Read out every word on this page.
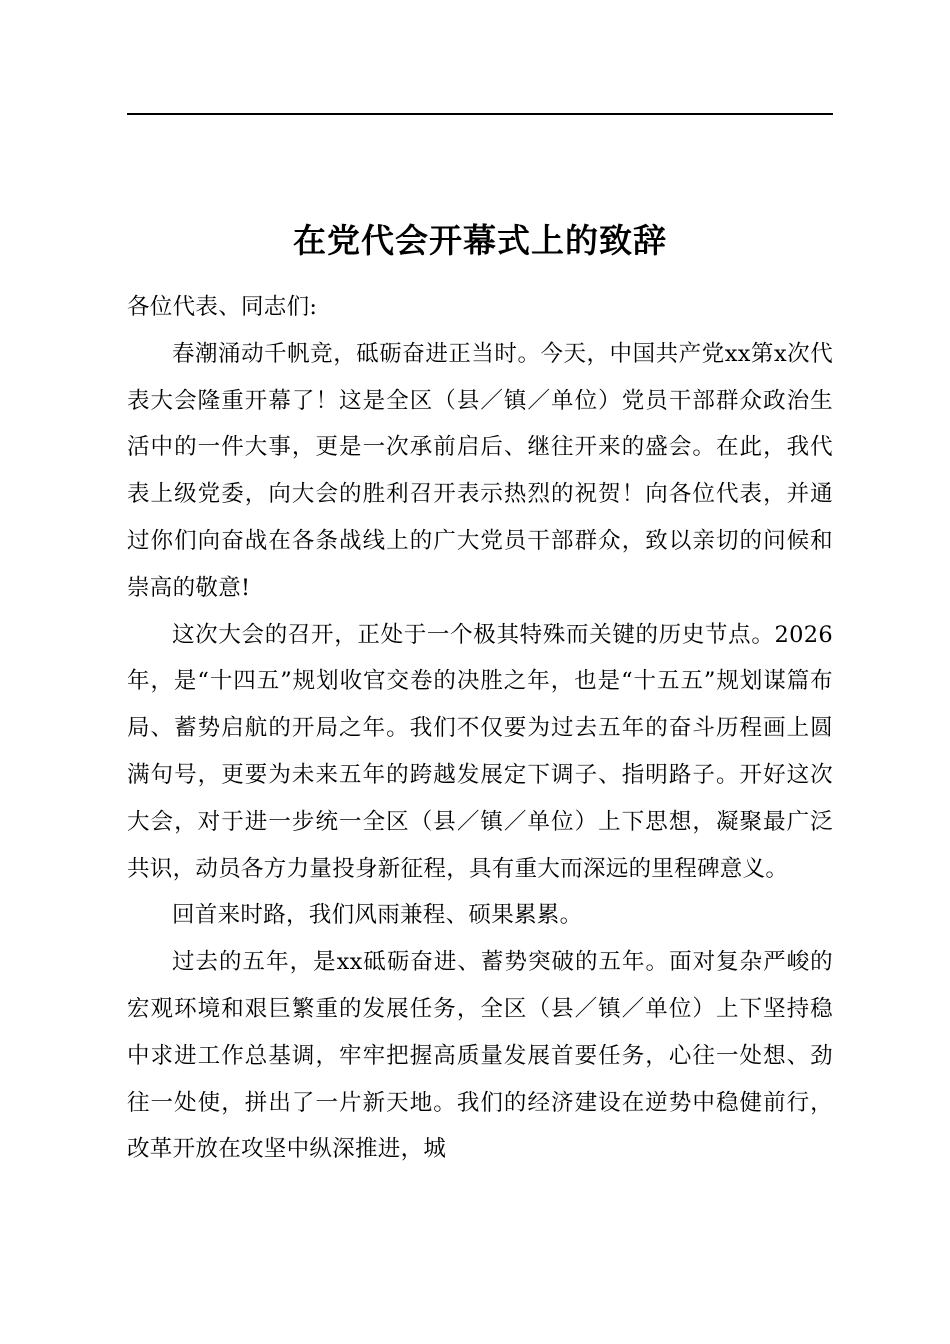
在党代会开幕式上的致辞

各位代表、同志们:

春潮涌动千帆竞，砥砺奋进正当时。今天，中国共产党xx第x次代表大会隆重开幕了！这是全区（县／镇／单位）党员干部群众政治生活中的一件大事，更是一次承前启后、继往开来的盛会。在此，我代表上级党委，向大会的胜利召开表示热烈的祝贺！向各位代表，并通过你们向奋战在各条战线上的广大党员干部群众，致以亲切的问候和崇高的敬意!

这次大会的召开，正处于一个极其特殊而关键的历史节点。2026年，是“十四五”规划收官交卷的决胜之年，也是“十五五”规划谋篇布局、蓄势启航的开局之年。我们不仅要为过去五年的奋斗历程画上圆满句号，更要为未来五年的跨越发展定下调子、指明路子。开好这次大会，对于进一步统一全区（县／镇／单位）上下思想，凝聚最广泛共识，动员各方力量投身新征程，具有重大而深远的里程碑意义。

回首来时路，我们风雨兼程、硕果累累。

过去的五年，是xx砥砺奋进、蓄势突破的五年。面对复杂严峻的宏观环境和艰巨繁重的发展任务，全区（县／镇／单位）上下坚持稳中求进工作总基调，牢牢把握高质量发展首要任务，心往一处想、劲往一处使，拼出了一片新天地。我们的经济建设在逆势中稳健前行，改革开放在攻坚中纵深推进，城
